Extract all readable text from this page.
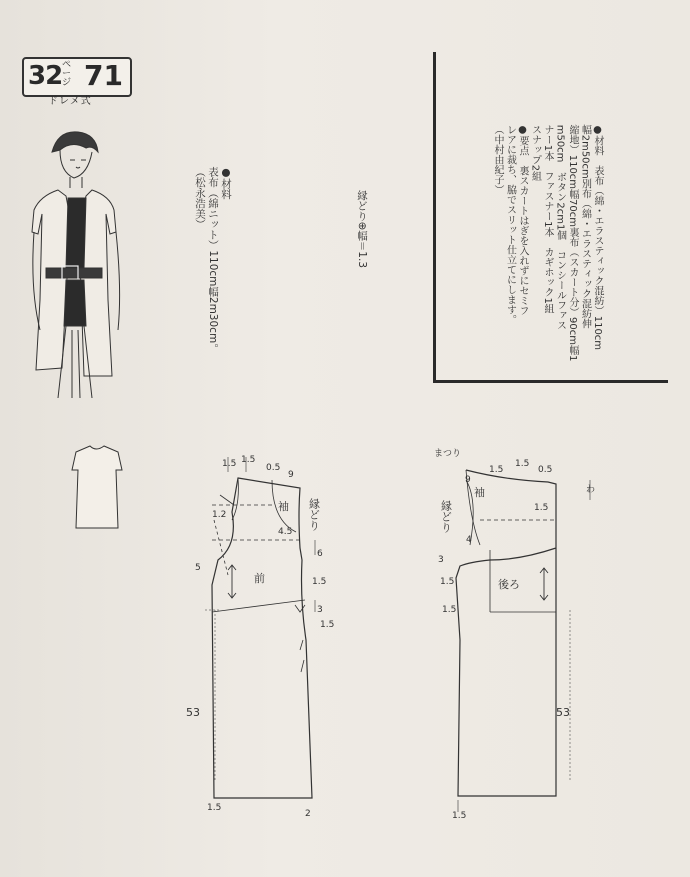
32 ページ 71
ドレメ式

●材料
表布（綿ニット）110cm幅2m30cm。
（松永浩美）
	縁どり⊕幅＝1.3	●材料　表布（綿・エラスティック混紡）110cm
幅2m50cm別布（綿・エラスティック混紡伸
縮地）110cm幅70cm裏布（スカート分）90cm幅1
m50cm　ボタン2cm1個　コンシールファス
ナー1本　ファスナー1本　カギホック1組
スナップ2組
●要点　裏スカートはぎを入れずにセミフ
レアに裁ち、脇でスリット仕立てにします。
（中村由紀子）

前
袖 縁どり
1.5 1.5
0.5
9
1.2
4.5
6
5
1.5
3
1.5
53
1.5
2
後ろ
袖
縁どり
まつり
9
1.5
1.5
0.5
1.5
4
3
1.5
1.5
53
1.5
わ
